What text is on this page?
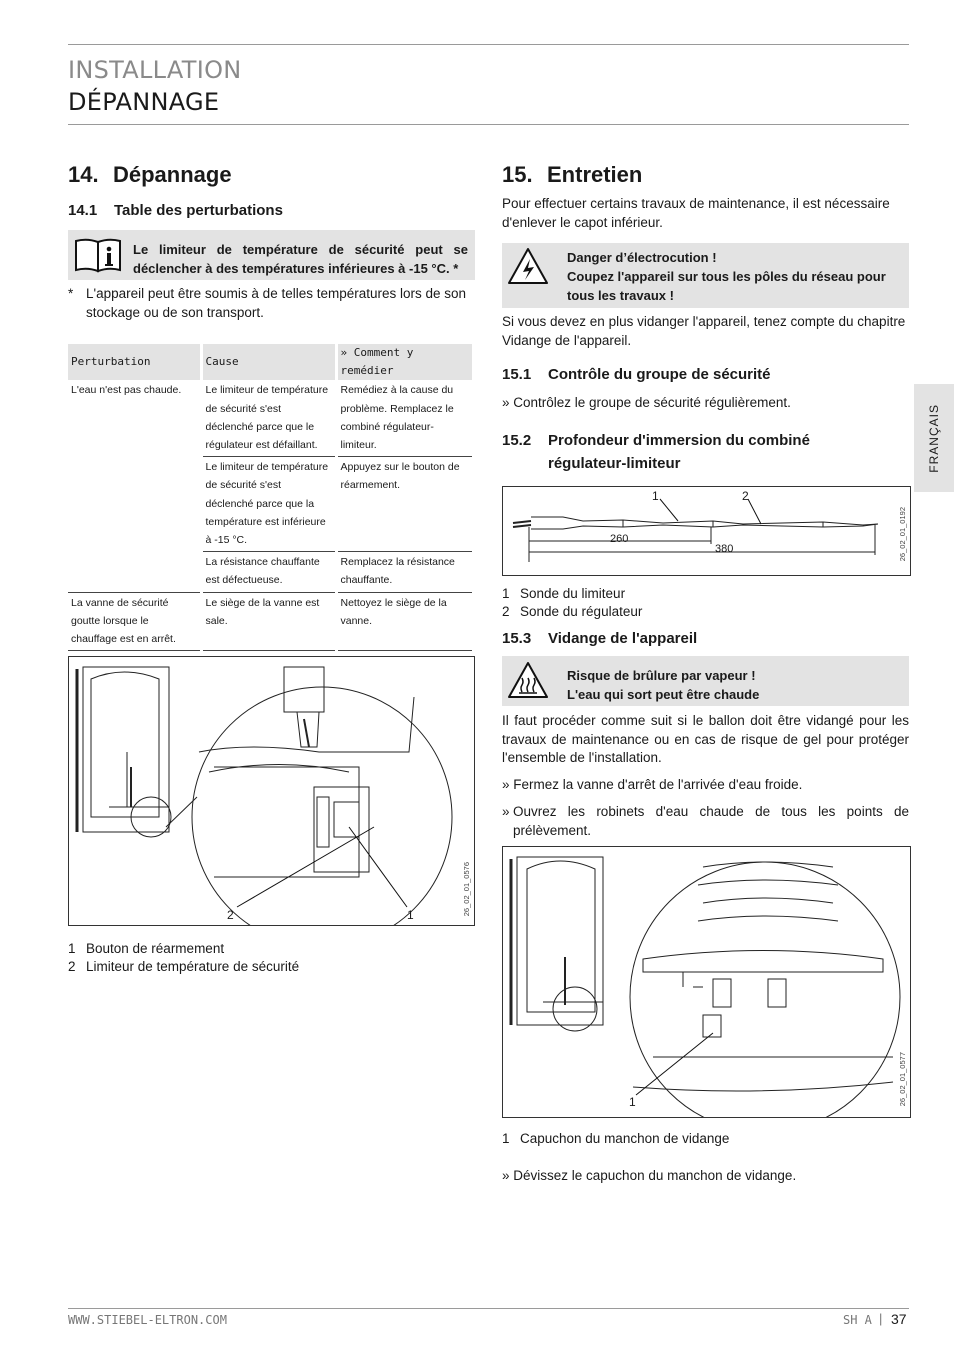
INSTALLATION
DÉPANNAGE
FRANÇAIS
14. Dépannage
14.1 Table des perturbations
Le limiteur de température de sécurité peut se déclencher à des températures inférieures à -15 °C. *
* L'appareil peut être soumis à de telles températures lors de son stockage ou de son transport.
Perturbation	Cause	» Comment y remédier
L'eau n'est pas chaude.	Le limiteur de température de sécurité s'est déclenché parce que le régulateur est défaillant.	Remédiez à la cause du problème. Remplacez le combiné régulateur-limiteur.
	Le limiteur de température de sécurité s'est déclenché parce que la température est inférieure à -15 °C.	Appuyez sur le bouton de réarmement.
	La résistance chauffante est défectueuse.	Remplacez la résistance chauffante.
La vanne de sécurité goutte lorsque le chauffage est en arrêt.	Le siège de la vanne est sale.	Nettoyez le siège de la vanne.
2	1	26_02_01_0576
1 Bouton de réarmement
2 Limiteur de température de sécurité
15. Entretien
Pour effectuer certains travaux de maintenance, il est nécessaire d'enlever le capot inférieur.
Danger d’électrocution !
Coupez l'appareil sur tous les pôles du réseau pour tous les travaux !
Si vous devez en plus vidanger l'appareil, tenez compte du chapitre Vidange de l'appareil.
15.1 Contrôle du groupe de sécurité
» Contrôlez le groupe de sécurité régulièrement.
15.2 Profondeur d'immersion du combiné
régulateur-limiteur
1	2
260
380	26_02_01_0192
1 Sonde du limiteur
2 Sonde du régulateur
15.3 Vidange de l'appareil
Risque de brûlure par vapeur !
L'eau qui sort peut être chaude
Il faut procéder comme suit si le ballon doit être vidangé pour les travaux de maintenance ou en cas de risque de gel pour protéger l'ensemble de l'installation.
» Fermez la vanne d'arrêt de l'arrivée d'eau froide.
» Ouvrez les robinets d'eau chaude de tous les points de prélèvement.
1	26_02_01_0577
1 Capuchon du manchon de vidange
» Dévissez le capuchon du manchon de vidange.
WWW.STIEBEL-ELTRON.COM	SH A | 37
